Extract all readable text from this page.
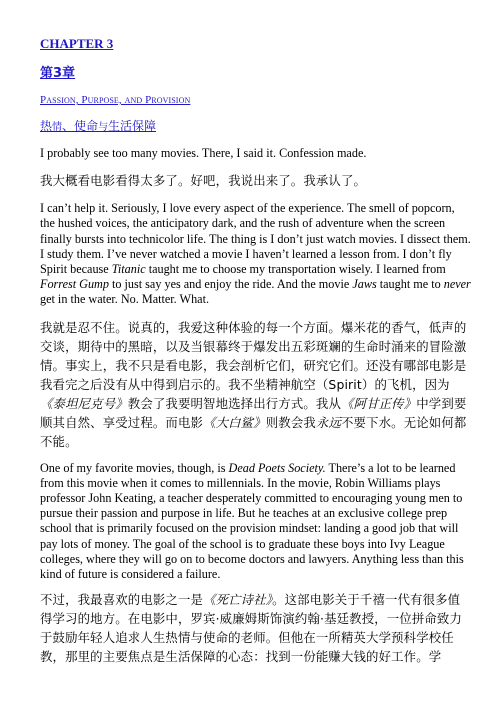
CHAPTER 3
第3章
Passion, Purpose, and Provision
热情、使命与生活保障

I probably see too many movies. There, I said it. Confession made.

我大概看电影看得太多了。好吧，我说出来了。我承认了。

I can’t help it. Seriously, I love every aspect of the experience. The smell of popcorn, the hushed voices, the anticipatory dark, and the rush of adventure when the screen finally bursts into technicolor life. The thing is I don’t just watch movies. I dissect them. I study them. I’ve never watched a movie I haven’t learned a lesson from. I don’t fly Spirit because Titanic taught me to choose my transportation wisely. I learned from Forrest Gump to just say yes and enjoy the ride. And the movie Jaws taught me to never get in the water. No. Matter. What.

我就是忍不住。说真的，我爱这种体验的每一个方面。爆米花的香气，低声的交谈，期待中的黑暗，以及当银幕终于爆发出五彩斑斓的生命时涌来的冒险激情。事实上，我不只是看电影，我会剖析它们，研究它们。还没有哪部电影是我看完之后没有从中得到启示的。我不坐精神航空（Spirit）的飞机，因为《泰坦尼克号》教会了我要明智地选择出行方式。我从《阿甘正传》中学到要顺其自然、享受过程。而电影《大白鲨》则教会我永远不要下水。无论如何都不能。

One of my favorite movies, though, is Dead Poets Society. There’s a lot to be learned from this movie when it comes to millennials. In the movie, Robin Williams plays professor John Keating, a teacher desperately committed to encouraging young men to pursue their passion and purpose in life. But he teaches at an exclusive college prep school that is primarily focused on the provision mindset: landing a good job that will pay lots of money. The goal of the school is to graduate these boys into Ivy League colleges, where they will go on to become doctors and lawyers. Anything less than this kind of future is considered a failure.

不过，我最喜欢的电影之一是《死亡诗社》。这部电影关于千禧一代有很多值得学习的地方。在电影中，罗宾·威廉姆斯饰演约翰·基廷教授，一位拼命致力于鼓励年轻人追求人生热情与使命的老师。但他在一所精英大学预科学校任教，那里的主要焦点是生活保障的心态：找到一份能赚大钱的好工作。学
